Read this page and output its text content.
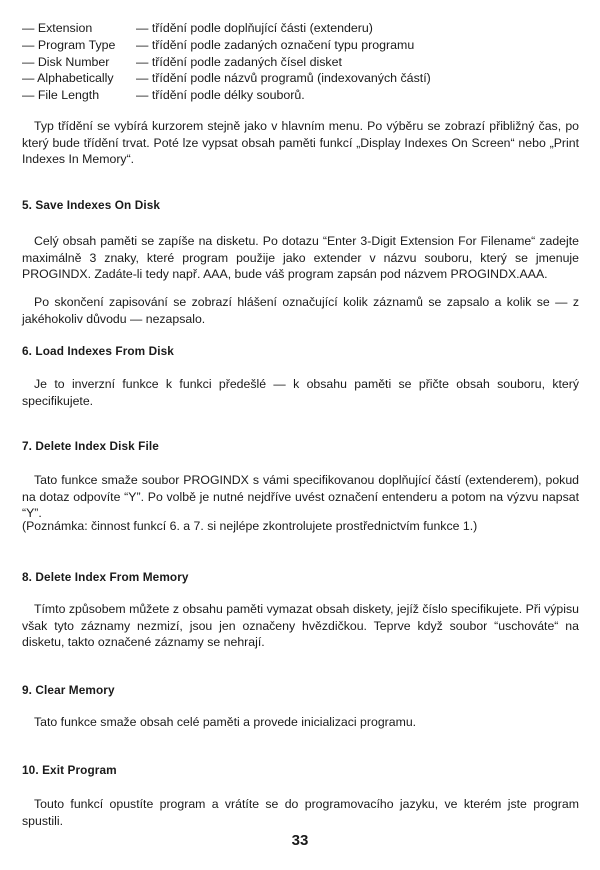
— Extension	— třídění podle doplňující části (extenderu)
— Program Type	— třídění podle zadaných označení typu programu
— Disk Number	— třídění podle zadaných čísel disket
— Alphabetically	— třídění podle názvů programů (indexovaných částí)
— File Length	— třídění podle délky souborů.

Typ třídění se vybírá kurzorem stejně jako v hlavním menu. Po výběru se zobrazí přibližný čas, po který bude třídění trvat. Poté lze vypsat obsah paměti funkcí „Display Indexes On Screen“ nebo „Print Indexes In Memory“.

5. Save Indexes On Disk

Celý obsah paměti se zapíše na disketu. Po dotazu “Enter 3-Digit Extension For Filename“ zadejte maximálně 3 znaky, které program použije jako extender v názvu souboru, který se jmenuje PROGINDX. Zadáte-li tedy např. AAA, bude váš program zapsán pod názvem PROGINDX.AAA.

Po skončení zapisování se zobrazí hlášení označující kolik záznamů se zapsalo a kolik se — z jakéhokoliv důvodu — nezapsalo.

6. Load Indexes From Disk

Je to inverzní funkce k funkci předešlé — k obsahu paměti se přičte obsah souboru, který specifikujete.

7. Delete Index Disk File

Tato funkce smaže soubor PROGINDX s vámi specifikovanou doplňující částí (extenderem), pokud na dotaz odpovíte “Y”. Po volbě je nutné nejdříve uvést označení entenderu a potom na výzvu napsat “Y”.

(Poznámka: činnost funkcí 6. a 7. si nejlépe zkontrolujete prostřednictvím funkce 1.)

8. Delete Index From Memory

Tímto způsobem můžete z obsahu paměti vymazat obsah diskety, jejíž číslo specifikujete. Při výpisu však tyto záznamy nezmizí, jsou jen označeny hvězdičkou. Teprve když soubor “uschováte“ na disketu, takto označené záznamy se nehrají.

9. Clear Memory

Tato funkce smaže obsah celé paměti a provede inicializaci programu.

10. Exit Program

Touto funkcí opustíte program a vrátíte se do programovacího jazyku, ve kterém jste program spustili.

33
